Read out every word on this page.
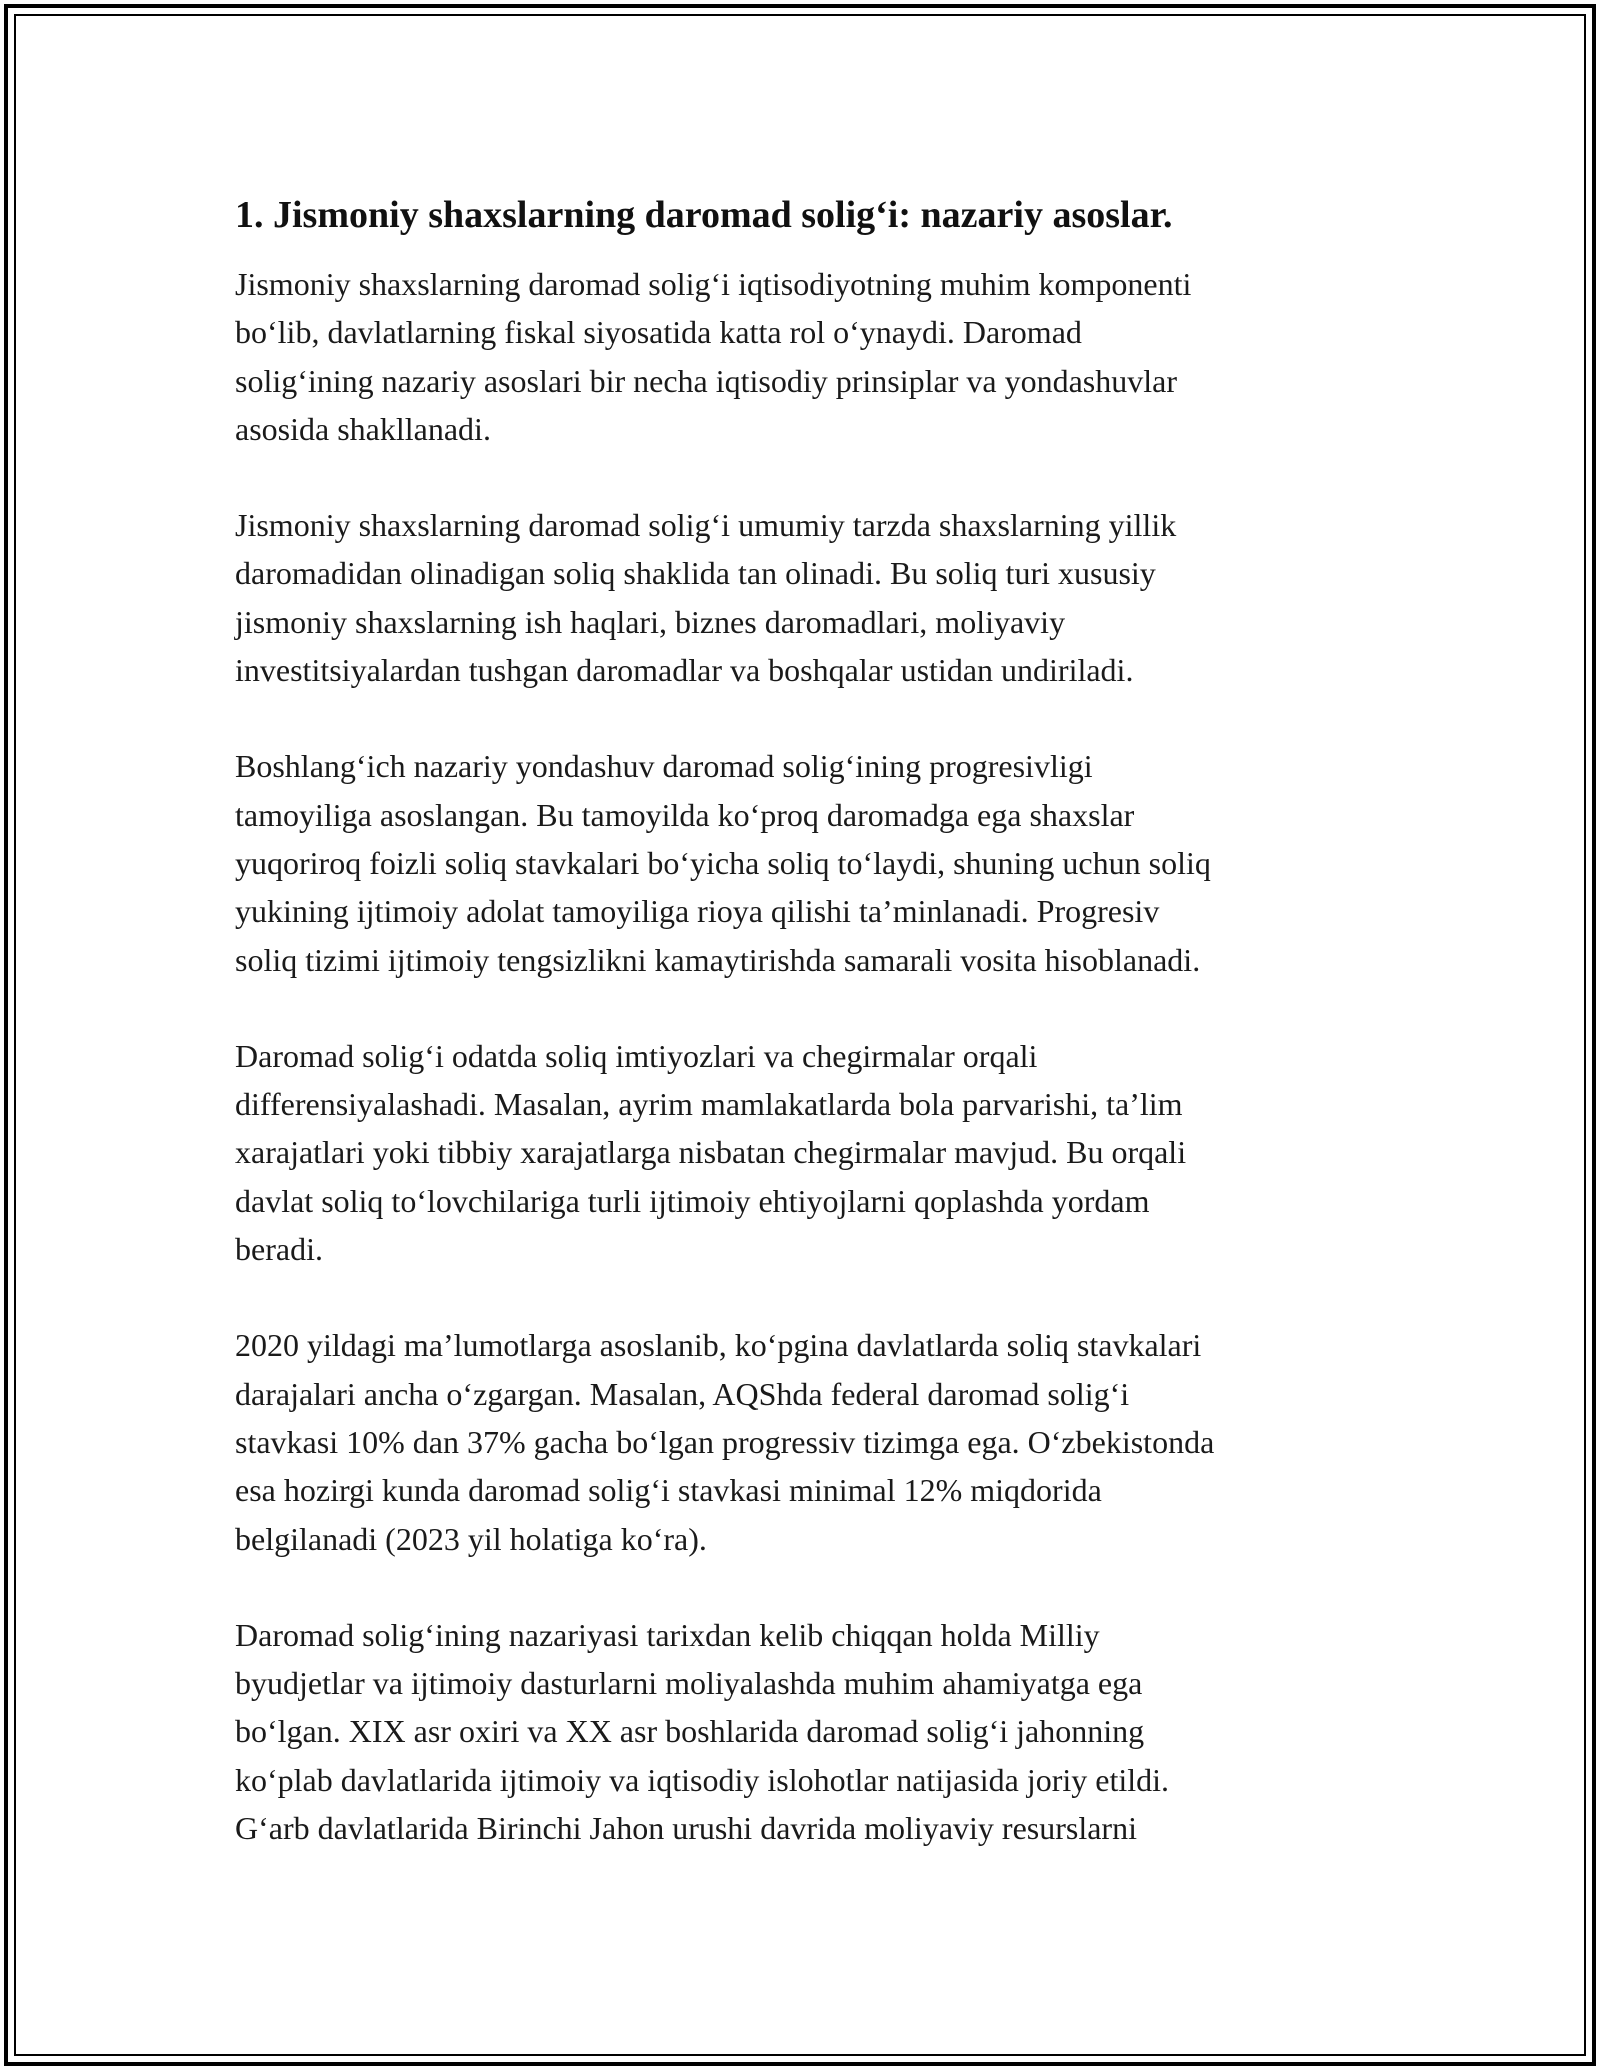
1. Jismoniy shaxslarning daromad solig‘i: nazariy asoslar.

Jismoniy shaxslarning daromad solig‘i iqtisodiyotning muhim komponenti
bo‘lib, davlatlarning fiskal siyosatida katta rol o‘ynaydi. Daromad
solig‘ining nazariy asoslari bir necha iqtisodiy prinsiplar va yondashuvlar
asosida shakllanadi.

Jismoniy shaxslarning daromad solig‘i umumiy tarzda shaxslarning yillik
daromadidan olinadigan soliq shaklida tan olinadi. Bu soliq turi xususiy
jismoniy shaxslarning ish haqlari, biznes daromadlari, moliyaviy
investitsiyalardan tushgan daromadlar va boshqalar ustidan undiriladi.

Boshlang‘ich nazariy yondashuv daromad solig‘ining progresivligi
tamoyiliga asoslangan. Bu tamoyilda ko‘proq daromadga ega shaxslar
yuqoriroq foizli soliq stavkalari bo‘yicha soliq to‘laydi, shuning uchun soliq
yukining ijtimoiy adolat tamoyiliga rioya qilishi ta’minlanadi. Progresiv
soliq tizimi ijtimoiy tengsizlikni kamaytirishda samarali vosita hisoblanadi.

Daromad solig‘i odatda soliq imtiyozlari va chegirmalar orqali
differensiyalashadi. Masalan, ayrim mamlakatlarda bola parvarishi, ta’lim
xarajatlari yoki tibbiy xarajatlarga nisbatan chegirmalar mavjud. Bu orqali
davlat soliq to‘lovchilariga turli ijtimoiy ehtiyojlarni qoplashda yordam
beradi.

2020 yildagi ma’lumotlarga asoslanib, ko‘pgina davlatlarda soliq stavkalari
darajalari ancha o‘zgargan. Masalan, AQShda federal daromad solig‘i
stavkasi 10% dan 37% gacha bo‘lgan progressiv tizimga ega. O‘zbekistonda
esa hozirgi kunda daromad solig‘i stavkasi minimal 12% miqdorida
belgilanadi (2023 yil holatiga ko‘ra).

Daromad solig‘ining nazariyasi tarixdan kelib chiqqan holda Milliy
byudjetlar va ijtimoiy dasturlarni moliyalashda muhim ahamiyatga ega
bo‘lgan. XIX asr oxiri va XX asr boshlarida daromad solig‘i jahonning
ko‘plab davlatlarida ijtimoiy va iqtisodiy islohotlar natijasida joriy etildi.
G‘arb davlatlarida Birinchi Jahon urushi davrida moliyaviy resurslarni
